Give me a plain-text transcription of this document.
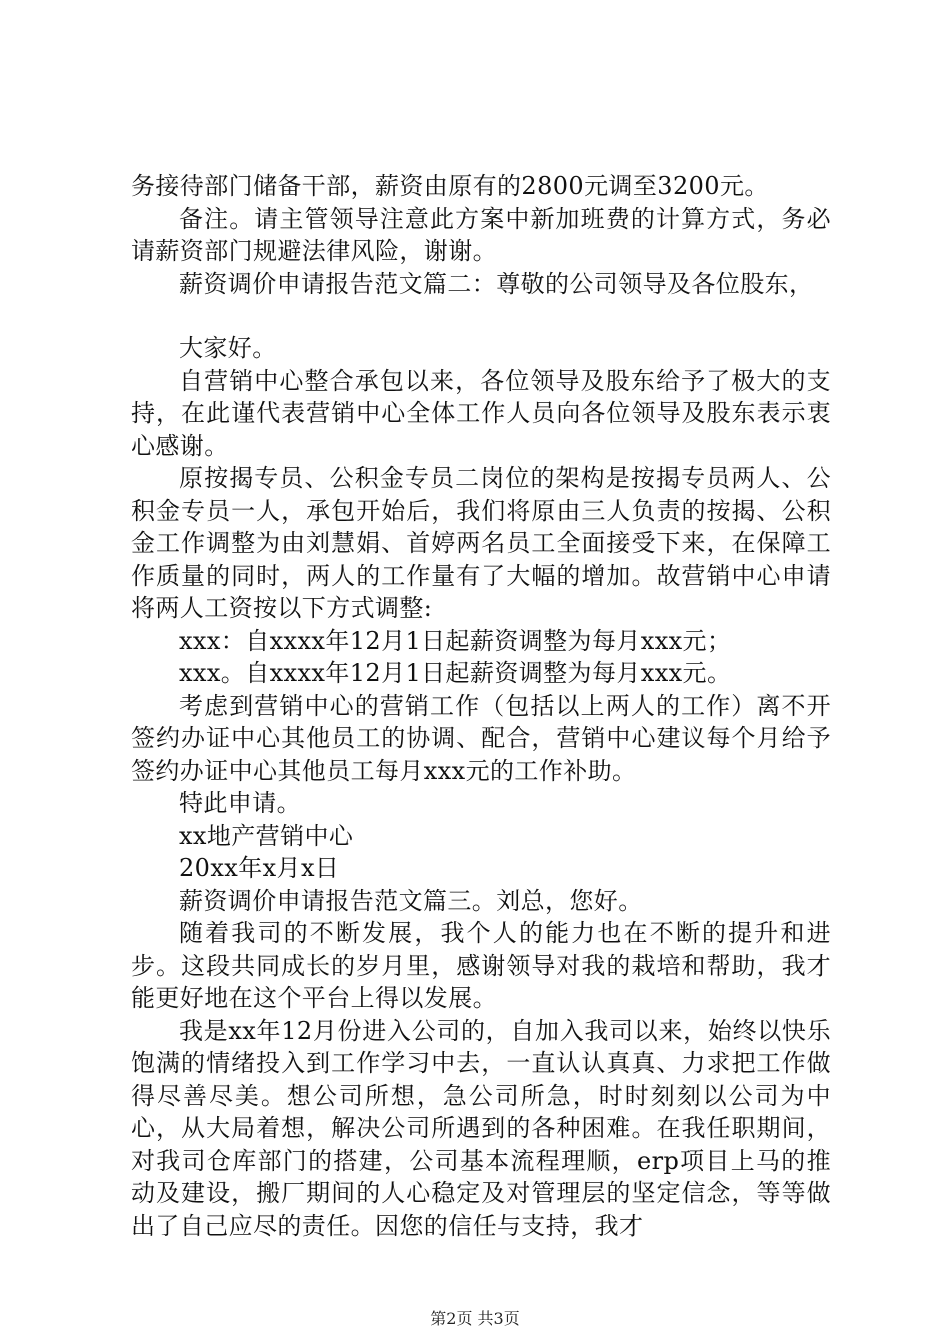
务接待部门储备干部，薪资由原有的2800元调至3200元。

备注。请主管领导注意此方案中新加班费的计算方式，务必请薪资部门规避法律风险，谢谢。

薪资调价申请报告范文篇二：尊敬的公司领导及各位股东，

大家好。

自营销中心整合承包以来，各位领导及股东给予了极大的支持，在此谨代表营销中心全体工作人员向各位领导及股东表示衷心感谢。

原按揭专员、公积金专员二岗位的架构是按揭专员两人、公积金专员一人，承包开始后，我们将原由三人负责的按揭、公积金工作调整为由刘慧娟、首婷两名员工全面接受下来，在保障工作质量的同时，两人的工作量有了大幅的增加。故营销中心申请将两人工资按以下方式调整:

xxx：自xxxx年12月1日起薪资调整为每月xxx元；

xxx。自xxxx年12月1日起薪资调整为每月xxx元。

考虑到营销中心的营销工作（包括以上两人的工作）离不开签约办证中心其他员工的协调、配合，营销中心建议每个月给予签约办证中心其他员工每月xxx元的工作补助。

特此申请。

xx地产营销中心

20xx年x月x日

薪资调价申请报告范文篇三。刘总，您好。

随着我司的不断发展，我个人的能力也在不断的提升和进步。这段共同成长的岁月里，感谢领导对我的栽培和帮助，我才能更好地在这个平台上得以发展。

我是xx年12月份进入公司的，自加入我司以来，始终以快乐饱满的情绪投入到工作学习中去，一直认认真真、力求把工作做得尽善尽美。想公司所想，急公司所急，时时刻刻以公司为中心，从大局着想，解决公司所遇到的各种困难。在我任职期间，对我司仓库部门的搭建，公司基本流程理顺，erp项目上马的推动及建设，搬厂期间的人心稳定及对管理层的坚定信念，等等做出了自己应尽的责任。因您的信任与支持，我才

第2页 共3页
